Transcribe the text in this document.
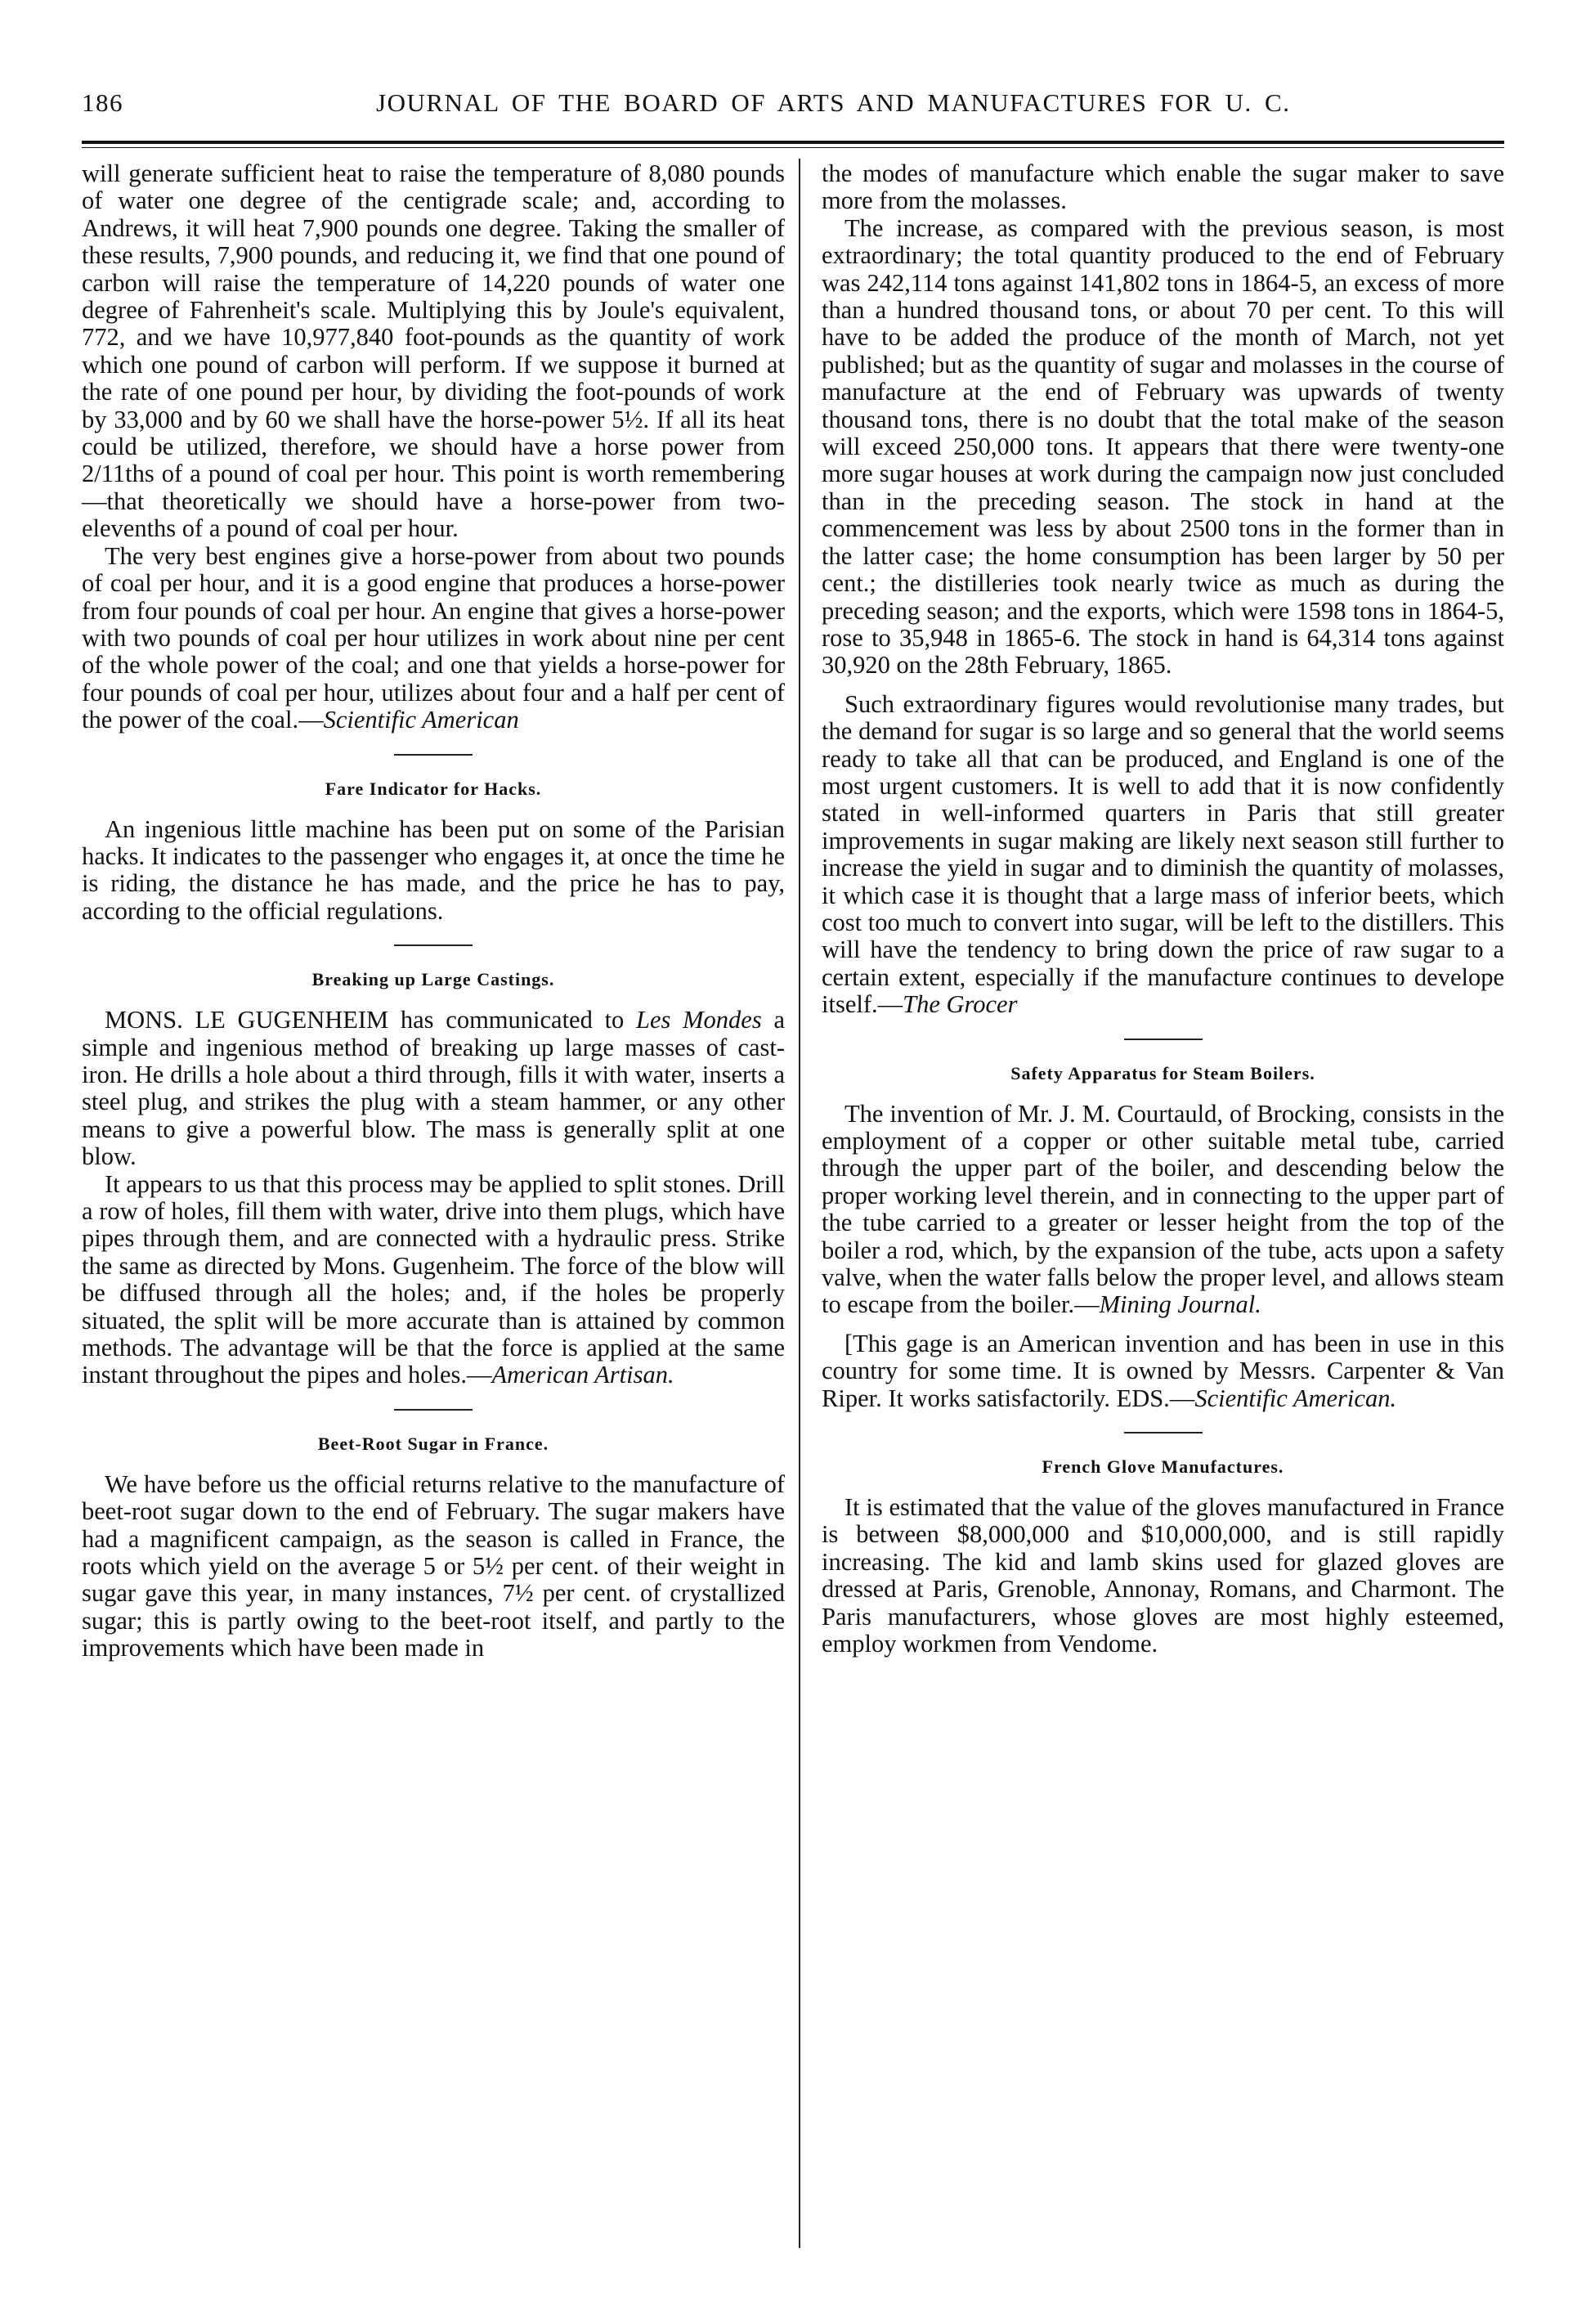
186	JOURNAL OF THE BOARD OF ARTS AND MANUFACTURES FOR U. C.

will generate sufficient heat to raise the temperature of 8,080 pounds of water one degree of the centigrade scale; and, according to Andrews, it will heat 7,900 pounds one degree. Taking the smaller of these results, 7,900 pounds, and reducing it, we find that one pound of carbon will raise the temperature of 14,220 pounds of water one degree of Fahrenheit's scale. Multiplying this by Joule's equivalent, 772, and we have 10,977,840 foot-pounds as the quantity of work which one pound of carbon will perform. If we suppose it burned at the rate of one pound per hour, by dividing the foot-pounds of work by 33,000 and by 60 we shall have the horse-power 5½. If all its heat could be utilized, therefore, we should have a horse power from 2/11ths of a pound of coal per hour. This point is worth remembering—that theoretically we should have a horse-power from two-elevenths of a pound of coal per hour.

The very best engines give a horse-power from about two pounds of coal per hour, and it is a good engine that produces a horse-power from four pounds of coal per hour. An engine that gives a horse-power with two pounds of coal per hour utilizes in work about nine per cent of the whole power of the coal; and one that yields a horse-power for four pounds of coal per hour, utilizes about four and a half per cent of the power of the coal.—Scientific American

Fare Indicator for Hacks.

An ingenious little machine has been put on some of the Parisian hacks. It indicates to the passenger who engages it, at once the time he is riding, the distance he has made, and the price he has to pay, according to the official regulations.

Breaking up Large Castings.

MONS. LE GUGENHEIM has communicated to Les Mondes a simple and ingenious method of breaking up large masses of cast-iron. He drills a hole about a third through, fills it with water, inserts a steel plug, and strikes the plug with a steam hammer, or any other means to give a powerful blow. The mass is generally split at one blow.

It appears to us that this process may be applied to split stones. Drill a row of holes, fill them with water, drive into them plugs, which have pipes through them, and are connected with a hydraulic press. Strike the same as directed by Mons. Gugenheim. The force of the blow will be diffused through all the holes; and, if the holes be properly situated, the split will be more accurate than is attained by common methods. The advantage will be that the force is applied at the same instant throughout the pipes and holes.—American Artisan.

Beet-Root Sugar in France.

We have before us the official returns relative to the manufacture of beet-root sugar down to the end of February. The sugar makers have had a magnificent campaign, as the season is called in France, the roots which yield on the average 5 or 5½ per cent. of their weight in sugar gave this year, in many instances, 7½ per cent. of crystallized sugar; this is partly owing to the beet-root itself, and partly to the improvements which have been made in

the modes of manufacture which enable the sugar maker to save more from the molasses.

The increase, as compared with the previous season, is most extraordinary; the total quantity produced to the end of February was 242,114 tons against 141,802 tons in 1864-5, an excess of more than a hundred thousand tons, or about 70 per cent. To this will have to be added the produce of the month of March, not yet published; but as the quantity of sugar and molasses in the course of manufacture at the end of February was upwards of twenty thousand tons, there is no doubt that the total make of the season will exceed 250,000 tons. It appears that there were twenty-one more sugar houses at work during the campaign now just concluded than in the preceding season. The stock in hand at the commencement was less by about 2500 tons in the former than in the latter case; the home consumption has been larger by 50 per cent.; the distilleries took nearly twice as much as during the preceding season; and the exports, which were 1598 tons in 1864-5, rose to 35,948 in 1865-6. The stock in hand is 64,314 tons against 30,920 on the 28th February, 1865.

Such extraordinary figures would revolutionise many trades, but the demand for sugar is so large and so general that the world seems ready to take all that can be produced, and England is one of the most urgent customers. It is well to add that it is now confidently stated in well-informed quarters in Paris that still greater improvements in sugar making are likely next season still further to increase the yield in sugar and to diminish the quantity of molasses, it which case it is thought that a large mass of inferior beets, which cost too much to convert into sugar, will be left to the distillers. This will have the tendency to bring down the price of raw sugar to a certain extent, especially if the manufacture continues to develope itself.—The Grocer

Safety Apparatus for Steam Boilers.

The invention of Mr. J. M. Courtauld, of Brocking, consists in the employment of a copper or other suitable metal tube, carried through the upper part of the boiler, and descending below the proper working level therein, and in connecting to the upper part of the tube carried to a greater or lesser height from the top of the boiler a rod, which, by the expansion of the tube, acts upon a safety valve, when the water falls below the proper level, and allows steam to escape from the boiler.—Mining Journal.

[This gage is an American invention and has been in use in this country for some time. It is owned by Messrs. Carpenter & Van Riper. It works satisfactorily. EDS.—Scientific American.

French Glove Manufactures.

It is estimated that the value of the gloves manufactured in France is between $8,000,000 and $10,000,000, and is still rapidly increasing. The kid and lamb skins used for glazed gloves are dressed at Paris, Grenoble, Annonay, Romans, and Charmont. The Paris manufacturers, whose gloves are most highly esteemed, employ workmen from Vendome.
